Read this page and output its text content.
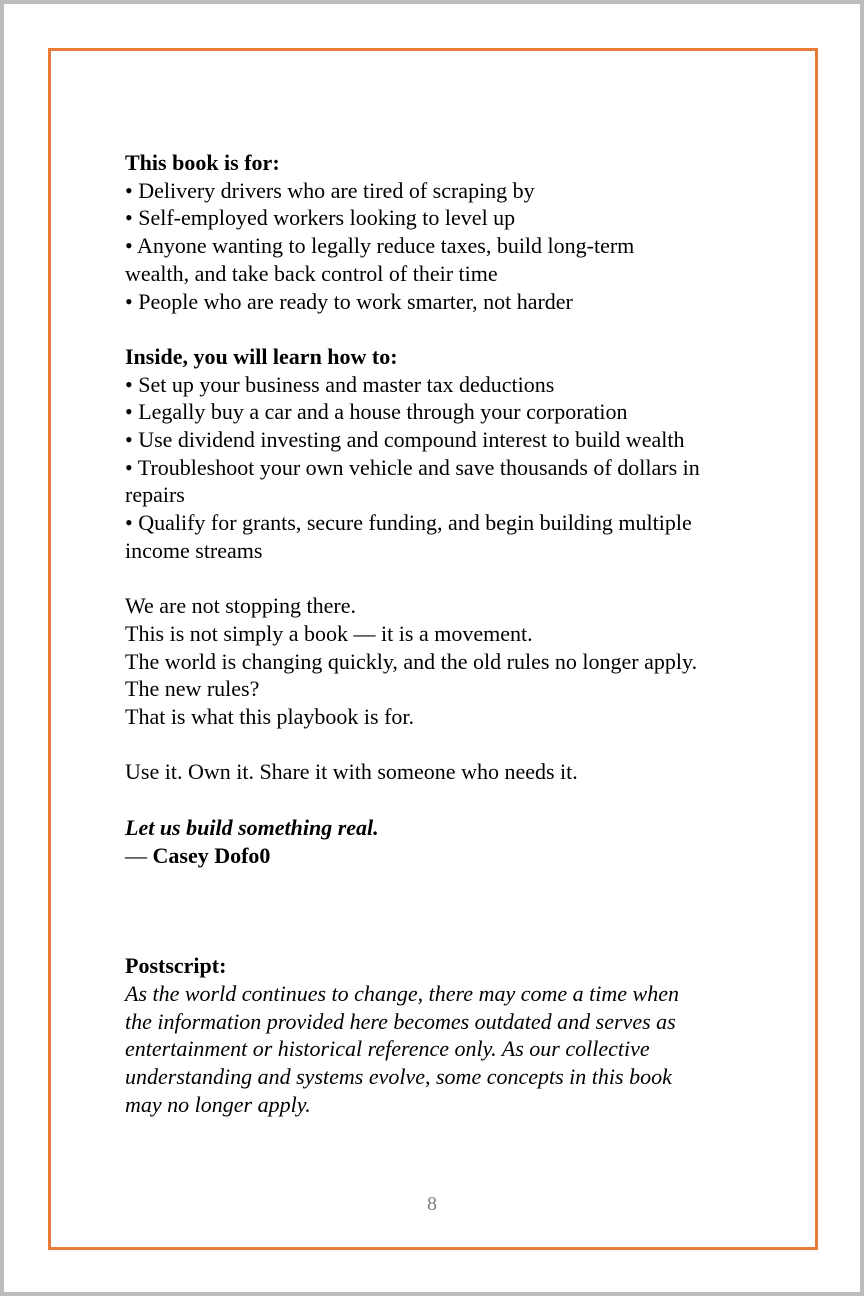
This book is for:
• Delivery drivers who are tired of scraping by
• Self-employed workers looking to level up
• Anyone wanting to legally reduce taxes, build long-term
wealth, and take back control of their time
• People who are ready to work smarter, not harder
Inside, you will learn how to:
• Set up your business and master tax deductions
• Legally buy a car and a house through your corporation
• Use dividend investing and compound interest to build wealth
• Troubleshoot your own vehicle and save thousands of dollars in
repairs
• Qualify for grants, secure funding, and begin building multiple
income streams
We are not stopping there.
This is not simply a book — it is a movement.
The world is changing quickly, and the old rules no longer apply.
The new rules?
That is what this playbook is for.
Use it. Own it. Share it with someone who needs it.
Let us build something real.
— Casey Dofo0
Postscript:
As the world continues to change, there may come a time when
the information provided here becomes outdated and serves as
entertainment or historical reference only. As our collective
understanding and systems evolve, some concepts in this book
may no longer apply.
8
